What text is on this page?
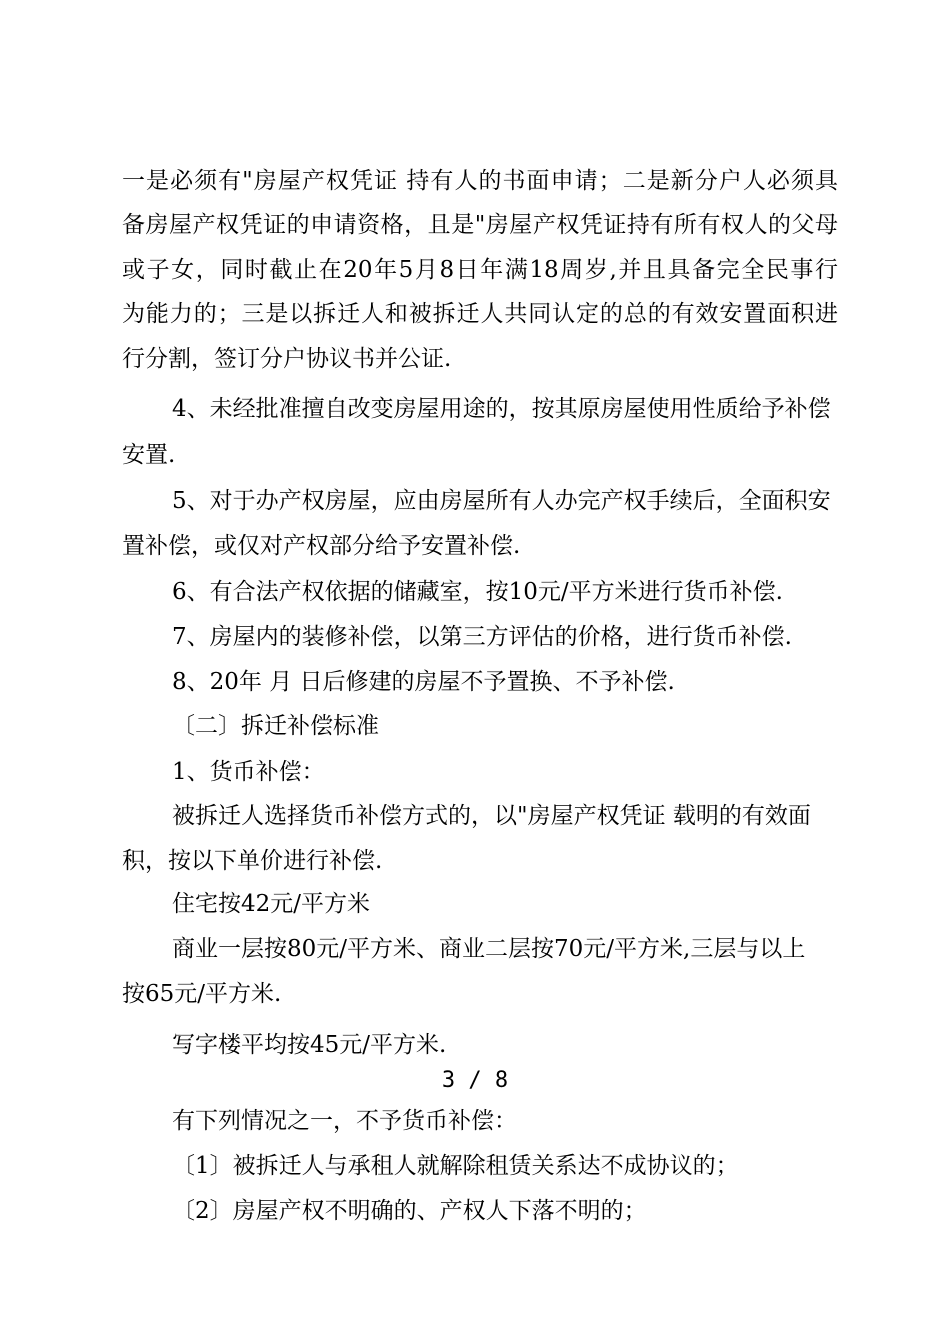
一是必须有"房屋产权凭证 持有人的书面申请；二是新分户人必须具
备房屋产权凭证的申请资格，且是"房屋产权凭证持有所有权人的父母
或子女，同时截止在20年5月8日年满18周岁,并且具备完全民事行
为能力的；三是以拆迁人和被拆迁人共同认定的总的有效安置面积进
行分割，签订分户协议书并公证.
4、未经批准擅自改变房屋用途的，按其原房屋使用性质给予补偿
安置.
5、对于办产权房屋，应由房屋所有人办完产权手续后，全面积安
置补偿，或仅对产权部分给予安置补偿.
6、有合法产权依据的储藏室，按10元/平方米进行货币补偿.
7、房屋内的装修补偿，以第三方评估的价格，进行货币补偿.
8、20年 月 日后修建的房屋不予置换、不予补偿.
〔二〕拆迁补偿标准
1、货币补偿：
被拆迁人选择货币补偿方式的，以"房屋产权凭证 载明的有效面
积，按以下单价进行补偿.
住宅按42元/平方米
商业一层按80元/平方米、商业二层按70元/平方米,三层与以上
按65元/平方米.
写字楼平均按45元/平方米.
3 / 8
有下列情况之一，不予货币补偿：
〔1〕被拆迁人与承租人就解除租赁关系达不成协议的；
〔2〕房屋产权不明确的、产权人下落不明的；
